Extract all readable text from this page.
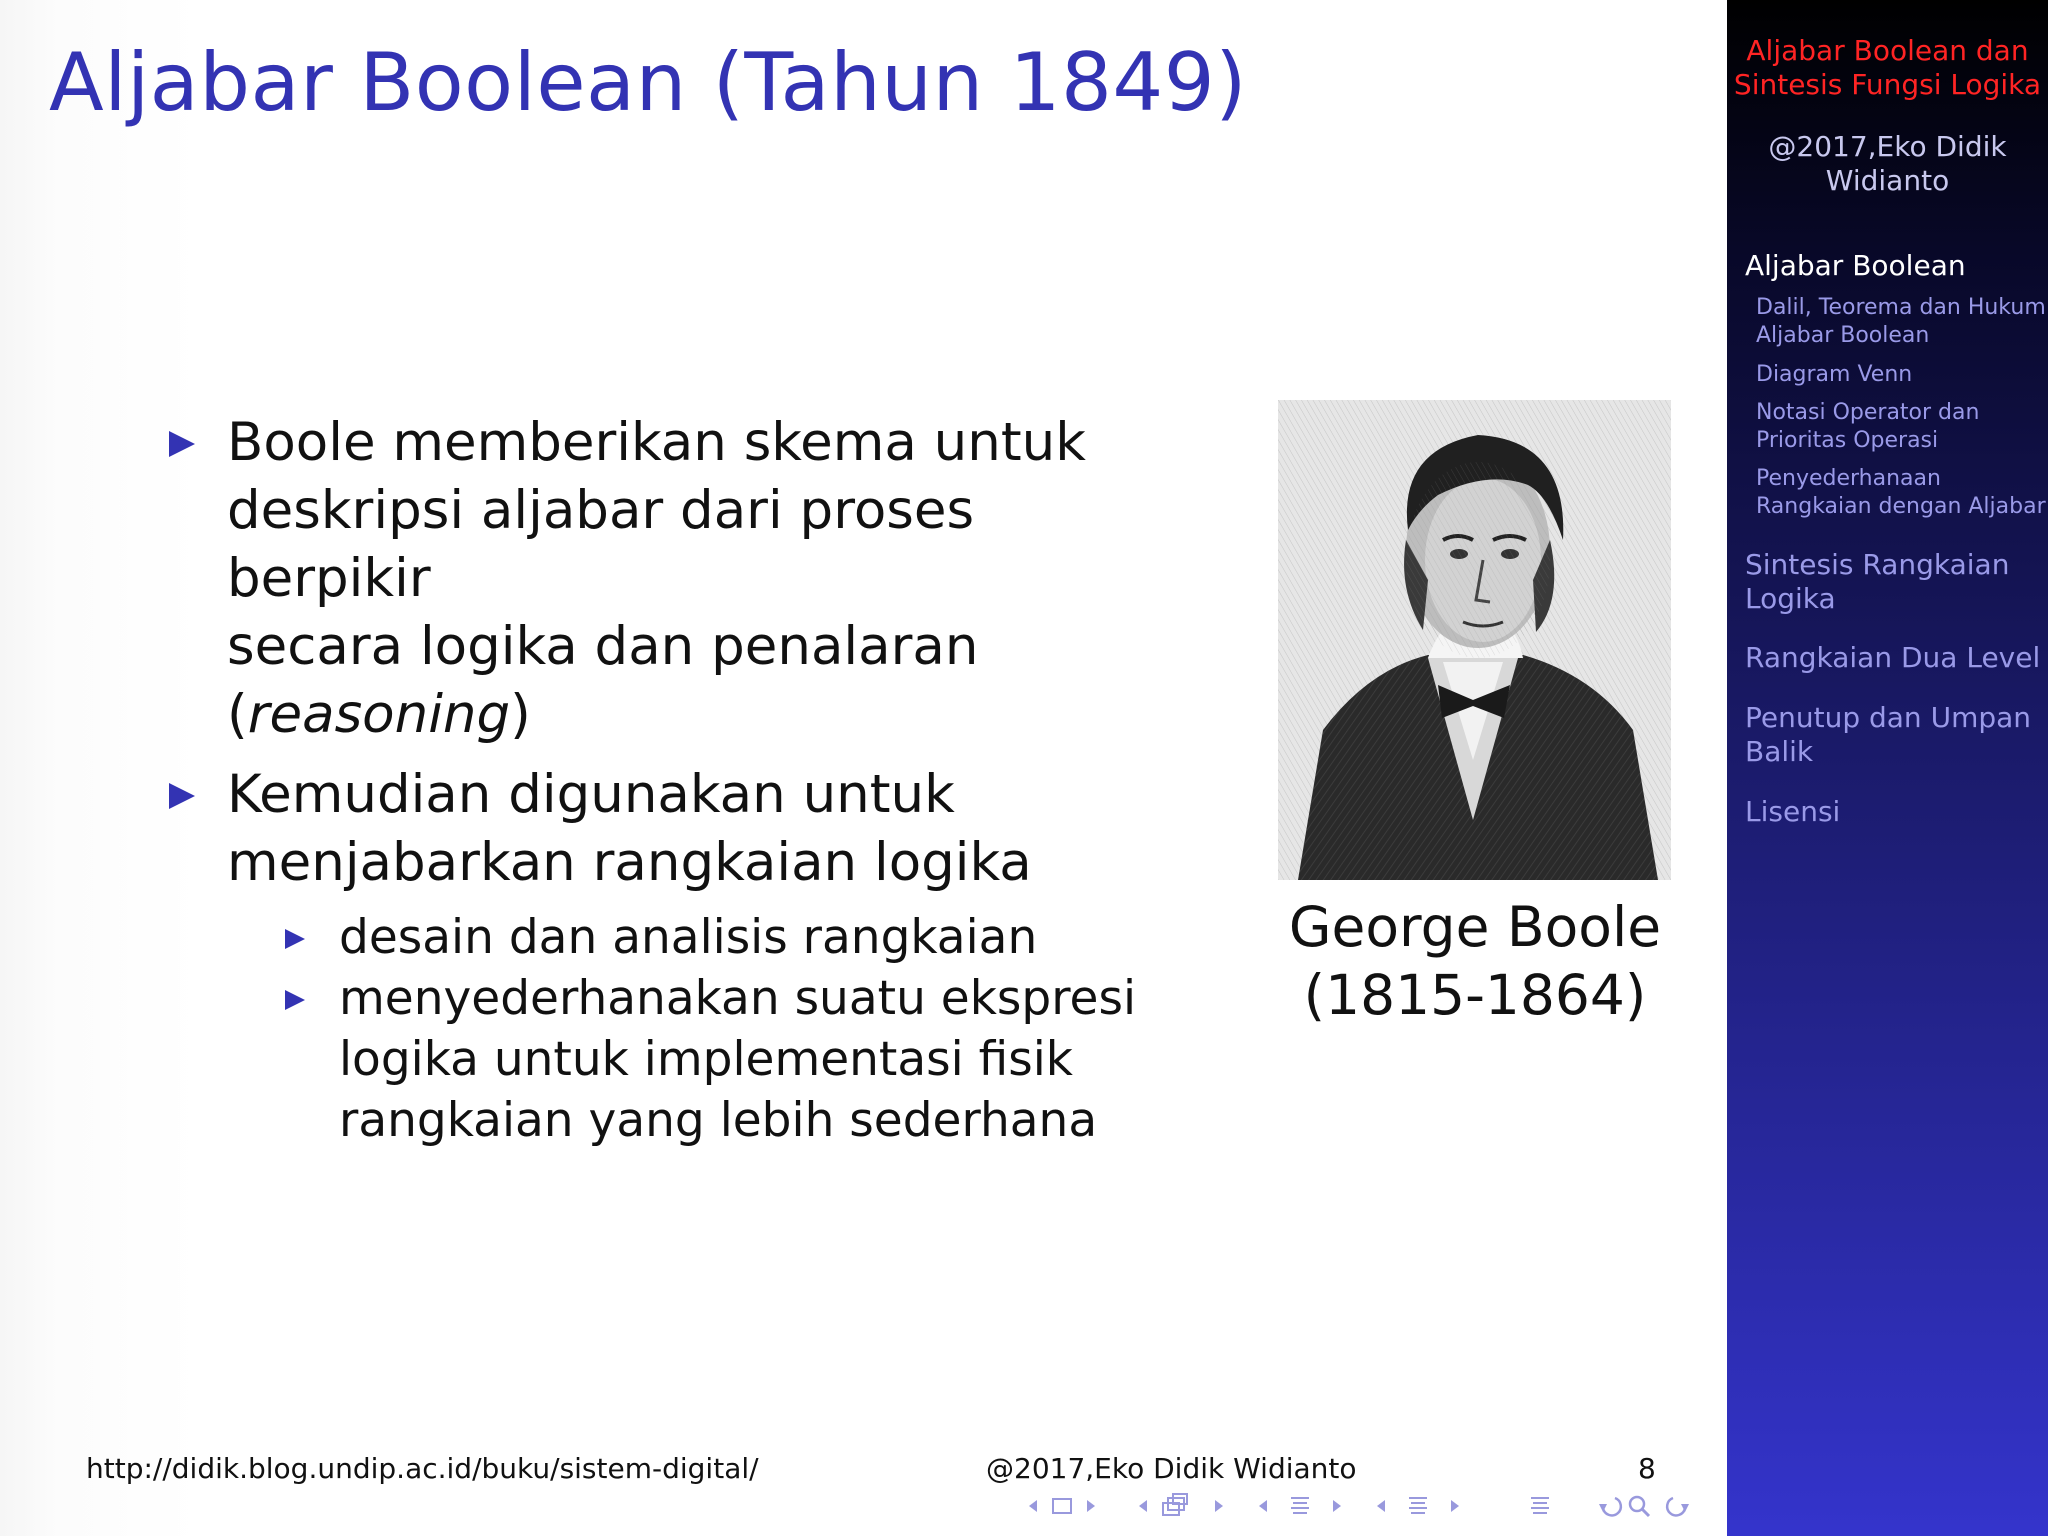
Aljabar Boolean (Tahun 1849)
Boole memberikan skema untuk
deskripsi aljabar dari proses berpikir
secara logika dan penalaran
(reasoning)
Kemudian digunakan untuk
menjabarkan rangkaian logika
desain dan analisis rangkaian
menyederhanakan suatu ekspresi
logika untuk implementasi fisik
rangkaian yang lebih sederhana
George Boole
(1815-1864)
http://didik.blog.undip.ac.id/buku/sistem-digital/	@2017,Eko Didik Widianto	8
Aljabar Boolean dan
Sintesis Fungsi Logika
@2017,Eko Didik
Widianto
Aljabar Boolean
Dalil, Teorema dan Hukum
Aljabar Boolean
Diagram Venn
Notasi Operator dan
Prioritas Operasi
Penyederhanaan
Rangkaian dengan Aljabar
Sintesis Rangkaian
Logika
Rangkaian Dua Level
Penutup dan Umpan
Balik
Lisensi
